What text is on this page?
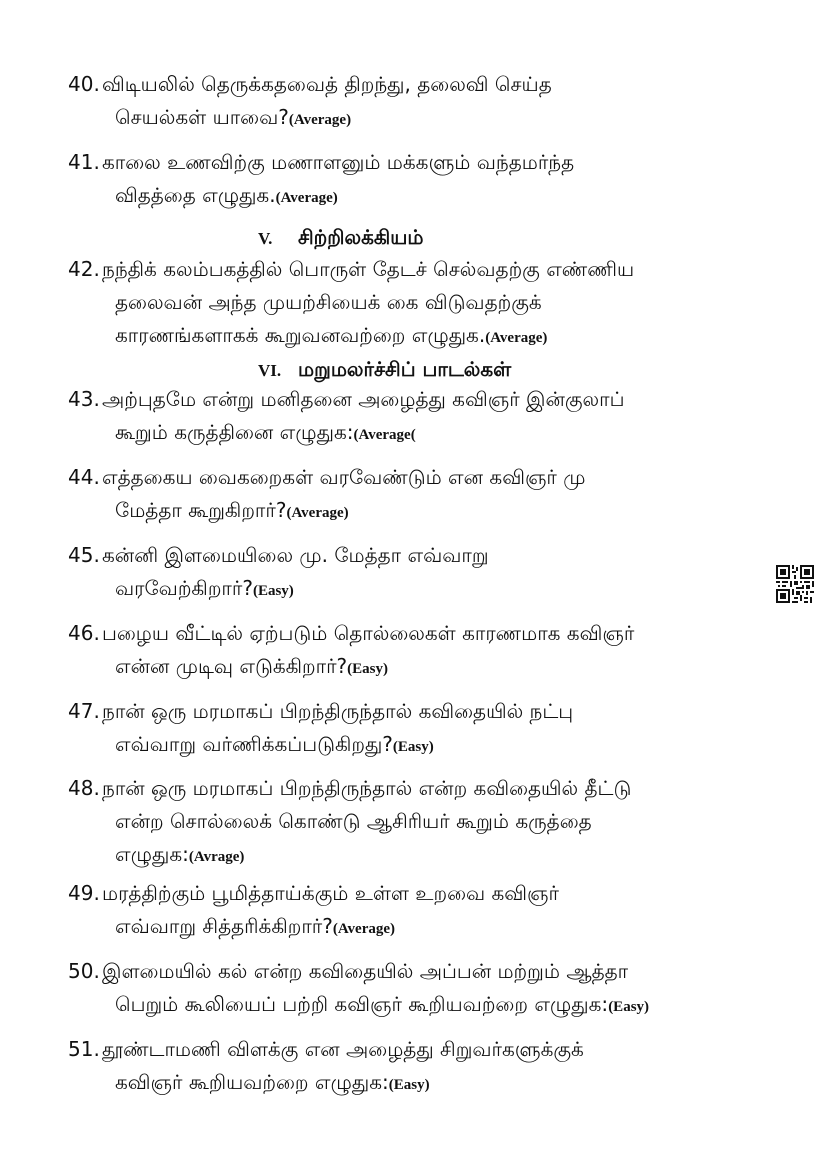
40. விடியலில் தெருக்கதவைத் திறந்து, தலைவி செய்த
செயல்கள் யாவை?(Average)
41. காலை உணவிற்கு மணாளனும் மக்களும் வந்தமர்ந்த
விதத்தை எழுதுக.(Average)
V. சிற்றிலக்கியம்
42. நந்திக் கலம்பகத்தில் பொருள் தேடச் செல்வதற்கு எண்ணிய
தலைவன் அந்த முயற்சியைக் கை விடுவதற்குக்
காரணங்களாகக் கூறுவனவற்றை எழுதுக.(Average)
VI. மறுமலர்ச்சிப் பாடல்கள்
43. அற்புதமே என்று மனிதனை அழைத்து கவிஞர் இன்குலாப்
கூறும் கருத்தினை எழுதுக:(Average(
44. எத்தகைய வைகறைகள் வரவேண்டும் என கவிஞர் மு
மேத்தா கூறுகிறார்?(Average)
45. கன்னி இளமையிலை மு. மேத்தா எவ்வாறு
வரவேற்கிறார்?(Easy)
46. பழைய வீட்டில் ஏற்படும் தொல்லைகள் காரணமாக கவிஞர்
என்ன முடிவு எடுக்கிறார்?(Easy)
47. நான் ஒரு மரமாகப் பிறந்திருந்தால் கவிதையில் நட்பு
எவ்வாறு வர்ணிக்கப்படுகிறது?(Easy)
48. நான் ஒரு மரமாகப் பிறந்திருந்தால் என்ற கவிதையில் தீட்டு
என்ற சொல்லைக் கொண்டு ஆசிரியர் கூறும் கருத்தை
எழுதுக:(Avrage)
49. மரத்திற்கும் பூமித்தாய்க்கும் உள்ள உறவை கவிஞர்
எவ்வாறு சித்தரிக்கிறார்?(Average)
50. இளமையில் கல் என்ற கவிதையில் அப்பன் மற்றும் ஆத்தா
பெறும் கூலியைப் பற்றி கவிஞர் கூறியவற்றை எழுதுக:(Easy)
51. தூண்டாமணி விளக்கு என அழைத்து சிறுவர்களுக்குக்
கவிஞர் கூறியவற்றை எழுதுக:(Easy)
